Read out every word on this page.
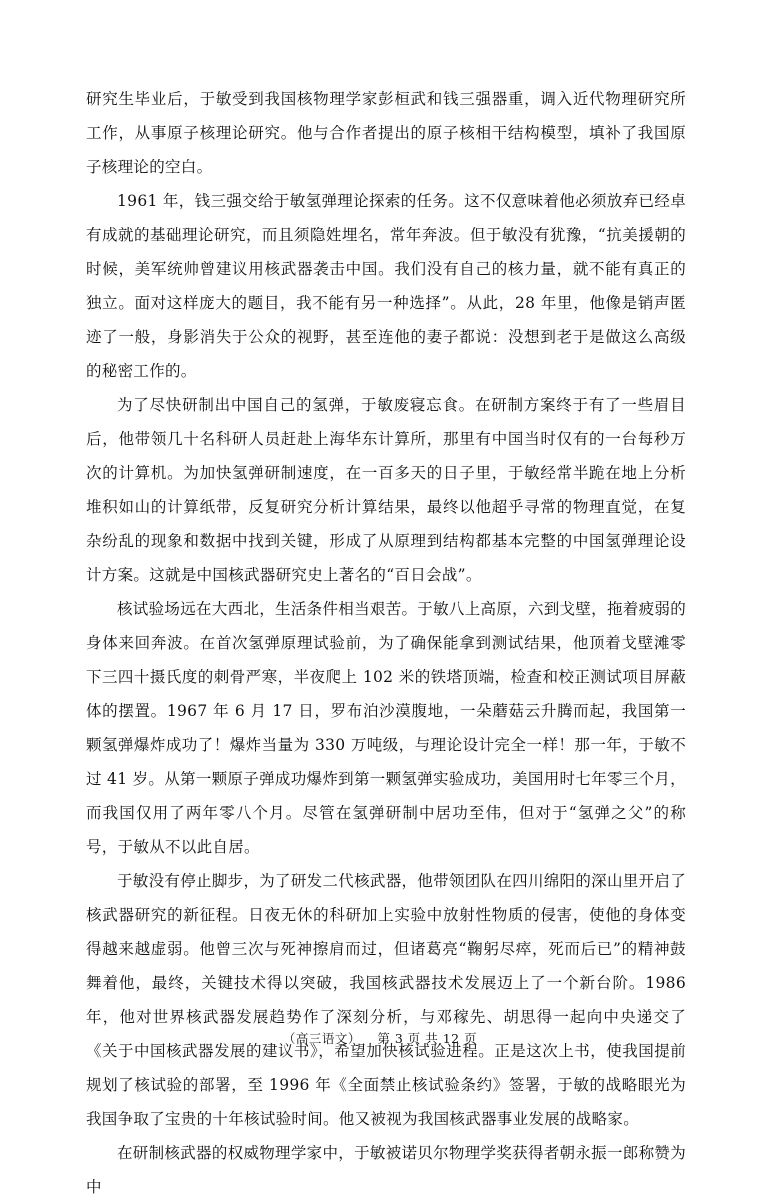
研究生毕业后，于敏受到我国核物理学家彭桓武和钱三强器重，调入近代物理研究所工作，从事原子核理论研究。他与合作者提出的原子核相干结构模型，填补了我国原子核理论的空白。

1961 年，钱三强交给于敏氢弹理论探索的任务。这不仅意味着他必须放弃已经卓有成就的基础理论研究，而且须隐姓埋名，常年奔波。但于敏没有犹豫，“抗美援朝的时候，美军统帅曾建议用核武器袭击中国。我们没有自己的核力量，就不能有真正的独立。面对这样庞大的题目，我不能有另一种选择”。从此，28 年里，他像是销声匿迹了一般，身影消失于公众的视野，甚至连他的妻子都说：没想到老于是做这么高级的秘密工作的。

为了尽快研制出中国自己的氢弹，于敏废寝忘食。在研制方案终于有了一些眉目后，他带领几十名科研人员赶赴上海华东计算所，那里有中国当时仅有的一台每秒万次的计算机。为加快氢弹研制速度，在一百多天的日子里，于敏经常半跪在地上分析堆积如山的计算纸带，反复研究分析计算结果，最终以他超乎寻常的物理直觉，在复杂纷乱的现象和数据中找到关键，形成了从原理到结构都基本完整的中国氢弹理论设计方案。这就是中国核武器研究史上著名的“百日会战”。

核试验场远在大西北，生活条件相当艰苦。于敏八上高原，六到戈壁，拖着疲弱的身体来回奔波。在首次氢弹原理试验前，为了确保能拿到测试结果，他顶着戈壁滩零下三四十摄氏度的刺骨严寒，半夜爬上 102 米的铁塔顶端，检查和校正测试项目屏蔽体的摆置。1967 年 6 月 17 日，罗布泊沙漠腹地，一朵蘑菇云升腾而起，我国第一颗氢弹爆炸成功了！爆炸当量为 330 万吨级，与理论设计完全一样！那一年，于敏不过 41 岁。从第一颗原子弹成功爆炸到第一颗氢弹实验成功，美国用时七年零三个月，而我国仅用了两年零八个月。尽管在氢弹研制中居功至伟，但对于“氢弹之父”的称号，于敏从不以此自居。

于敏没有停止脚步，为了研发二代核武器，他带领团队在四川绵阳的深山里开启了核武器研究的新征程。日夜无休的科研加上实验中放射性物质的侵害，使他的身体变得越来越虚弱。他曾三次与死神擦肩而过，但诸葛亮“鞠躬尽瘁，死而后已”的精神鼓舞着他，最终，关键技术得以突破，我国核武器技术发展迈上了一个新台阶。1986 年，他对世界核武器发展趋势作了深刻分析，与邓稼先、胡思得一起向中央递交了《关于中国核武器发展的建议书》，希望加快核试验进程。正是这次上书，使我国提前规划了核试验的部署，至 1996 年《全面禁止核试验条约》签署，于敏的战略眼光为我国争取了宝贵的十年核试验时间。他又被视为我国核武器事业发展的战略家。

在研制核武器的权威物理学家中，于敏被诺贝尔物理学奖获得者朝永振一郎称赞为中

（高三语文） 第 3 页 共 12 页
